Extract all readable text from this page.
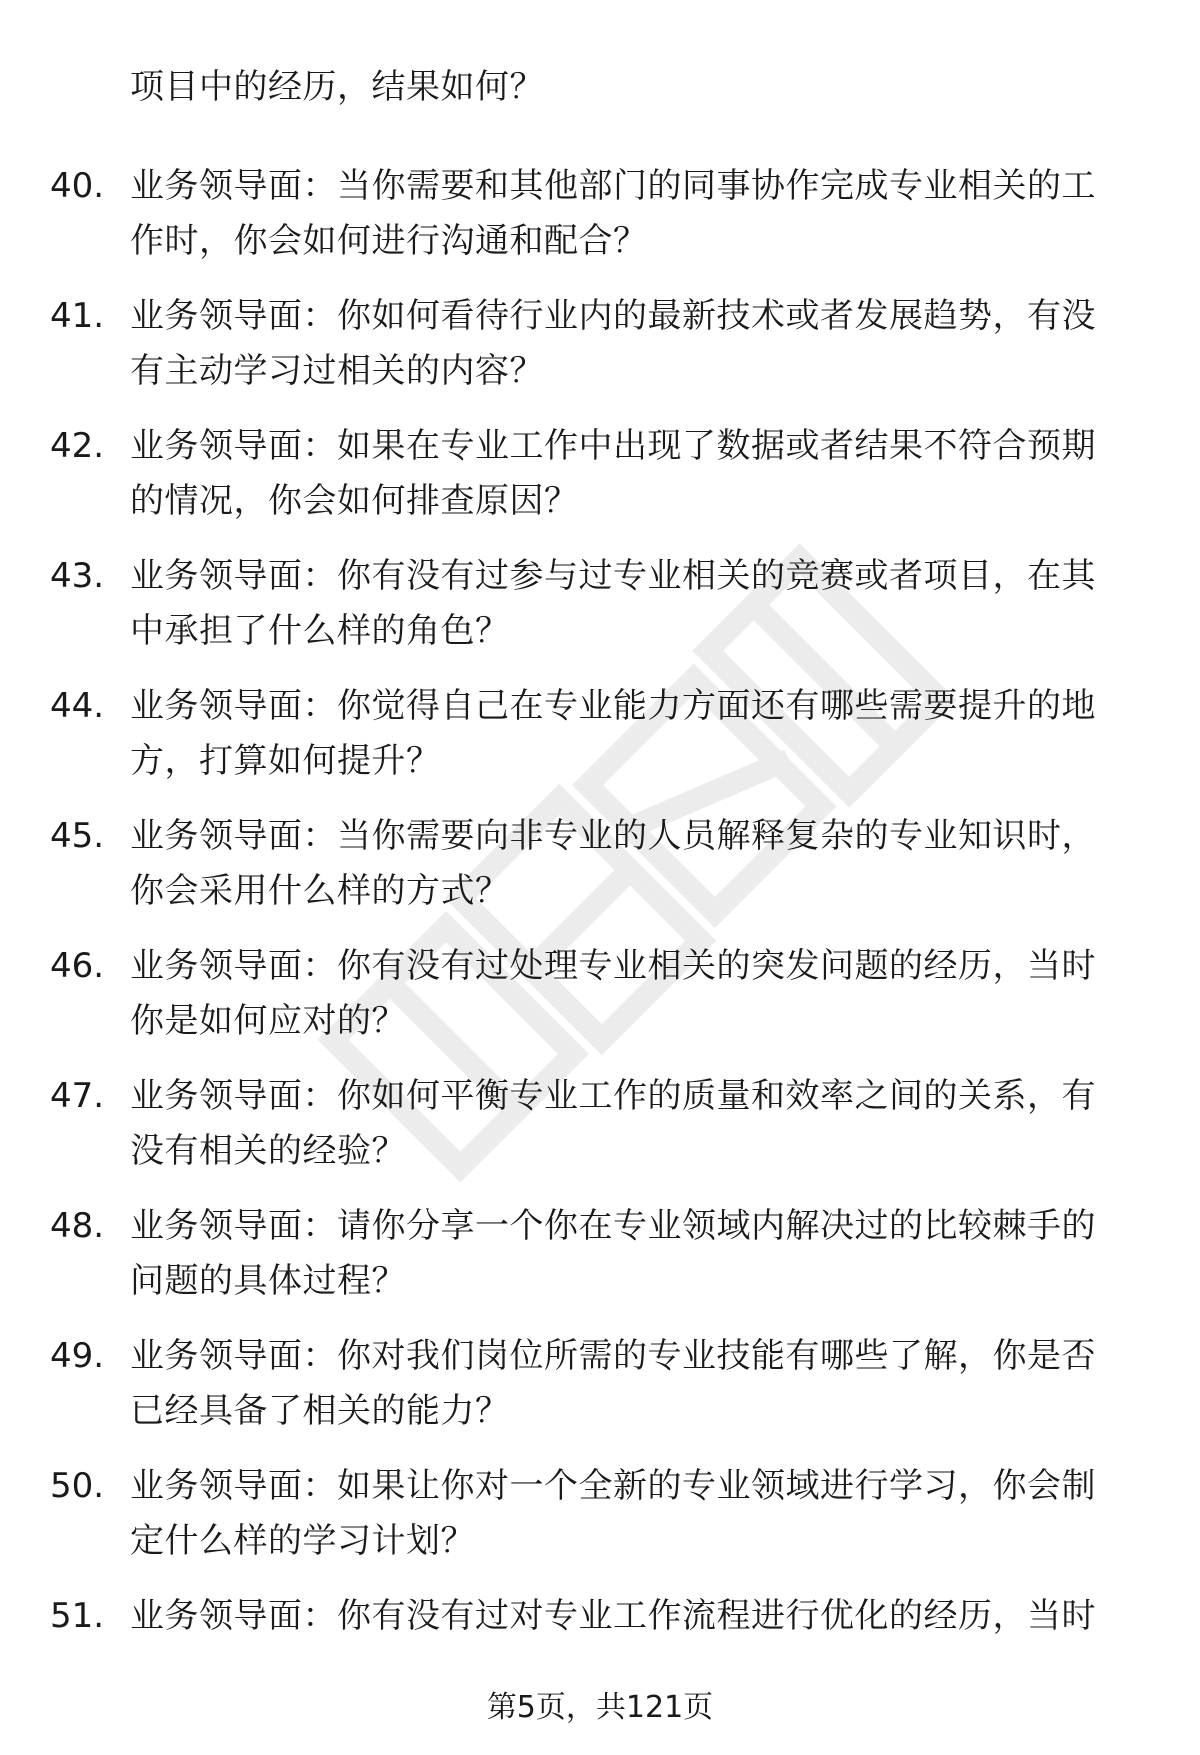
项目中的经历，结果如何？
40. 业务领导面：当你需要和其他部门的同事协作完成专业相关的工
作时，你会如何进行沟通和配合？
41. 业务领导面：你如何看待行业内的最新技术或者发展趋势，有没
有主动学习过相关的内容？
42. 业务领导面：如果在专业工作中出现了数据或者结果不符合预期
的情况，你会如何排查原因？
43. 业务领导面：你有没有过参与过专业相关的竞赛或者项目，在其
中承担了什么样的角色？
44. 业务领导面：你觉得自己在专业能力方面还有哪些需要提升的地
方，打算如何提升？
45. 业务领导面：当你需要向非专业的人员解释复杂的专业知识时，
你会采用什么样的方式？
46. 业务领导面：你有没有过处理专业相关的突发问题的经历，当时
你是如何应对的？
47. 业务领导面：你如何平衡专业工作的质量和效率之间的关系，有
没有相关的经验？
48. 业务领导面：请你分享一个你在专业领域内解决过的比较棘手的
问题的具体过程？
49. 业务领导面：你对我们岗位所需的专业技能有哪些了解，你是否
已经具备了相关的能力？
50. 业务领导面：如果让你对一个全新的专业领域进行学习，你会制
定什么样的学习计划？
51. 业务领导面：你有没有过对专业工作流程进行优化的经历，当时
第5页，共121页
